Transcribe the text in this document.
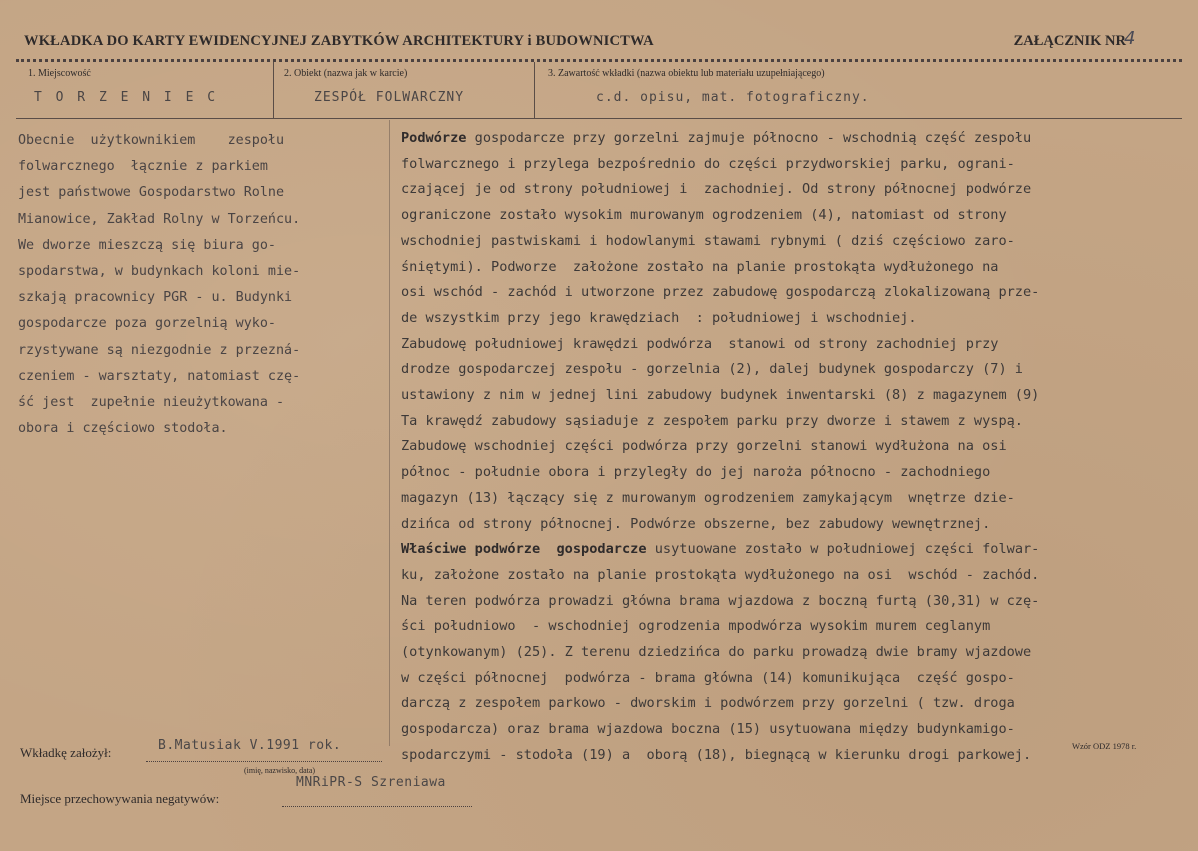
WKŁADKA DO KARTY EWIDENCYJNEJ ZABYTKÓW ARCHITEKTURY i BUDOWNICTWA	ZAŁĄCZNIK NR
4
1. Miejscowość
T O R Z E N I E C
2. Obiekt (nazwa jak w karcie)
ZESPÓŁ FOLWARCZNY
3. Zawartość wkładki (nazwa obiektu lub materiału uzupełniającego)
c.d. opisu, mat. fotograficzny.
Obecnie  użytkownikiem    zespołu
folwarcznego  łącznie z parkiem
jest państwowe Gospodarstwo Rolne
Mianowice, Zakład Rolny w Torzeńcu.
We dworze mieszczą się biura go-
spodarstwa, w budynkach koloni mie-
szkają pracownicy PGR - u. Budynki
gospodarcze poza gorzelnią wyko-
rzystywane są niezgodnie z przezná-
czeniem - warsztaty, natomiast czę-
ść jest  zupełnie nieużytkowana -
obora i częściowo stodoła.
Podwórze gospodarcze przy gorzelni zajmuje północno - wschodnią część zespołu
folwarcznego i przylega bezpośrednio do części przydworskiej parku, ograni-
czającej je od strony południowej i  zachodniej. Od strony północnej podwórze
ograniczone zostało wysokim murowanym ogrodzeniem (4), natomiast od strony
wschodniej pastwiskami i hodowlanymi stawami rybnymi ( dziś częściowo zaro-
śniętymi). Podworze  założone zostało na planie prostokąta wydłużonego na
osi wschód - zachód i utworzone przez zabudowę gospodarczą zlokalizowaną prze-
de wszystkim przy jego krawędziach  : południowej i wschodniej.
Zabudowę południowej krawędzi podwórza  stanowi od strony zachodniej przy
drodze gospodarczej zespołu - gorzelnia (2), dalej budynek gospodarczy (7) i
ustawiony z nim w jednej lini zabudowy budynek inwentarski (8) z magazynem (9)
Ta krawędź zabudowy sąsiaduje z zespołem parku przy dworze i stawem z wyspą.
Zabudowę wschodniej części podwórza przy gorzelni stanowi wydłużona na osi
północ - południe obora i przyległy do jej naroża północno - zachodniego
magazyn (13) łączący się z murowanym ogrodzeniem zamykającym  wnętrze dzie-
dzińca od strony północnej. Podwórze obszerne, bez zabudowy wewnętrznej.
Właściwe podwórze  gospodarcze usytuowane zostało w południowej części folwar-
ku, założone zostało na planie prostokąta wydłużonego na osi  wschód - zachód.
Na teren podwórza prowadzi główna brama wjazdowa z boczną furtą (30,31) w czę-
ści południowo  - wschodniej ogrodzenia mpodwórza wysokim murem ceglanym
(otynkowanym) (25). Z terenu dziedzińca do parku prowadzą dwie bramy wjazdowe
w części północnej  podwórza - brama główna (14) komunikująca  część gospo-
darczą z zespołem parkowo - dworskim i podwórzem przy gorzelni ( tzw. droga
gospodarcza) oraz brama wjazdowa boczna (15) usytuowana między budynkamigo-
spodarczymi - stodoła (19) a  oborą (18), biegnącą w kierunku drogi parkowej.
Wkładkę założył:	B.Matusiak V.1991 rok.
(imię, nazwisko, data)
MNRiPR-S Szreniawa
Miejsce przechowywania negatywów:
Wzór ODZ 1978 r.
